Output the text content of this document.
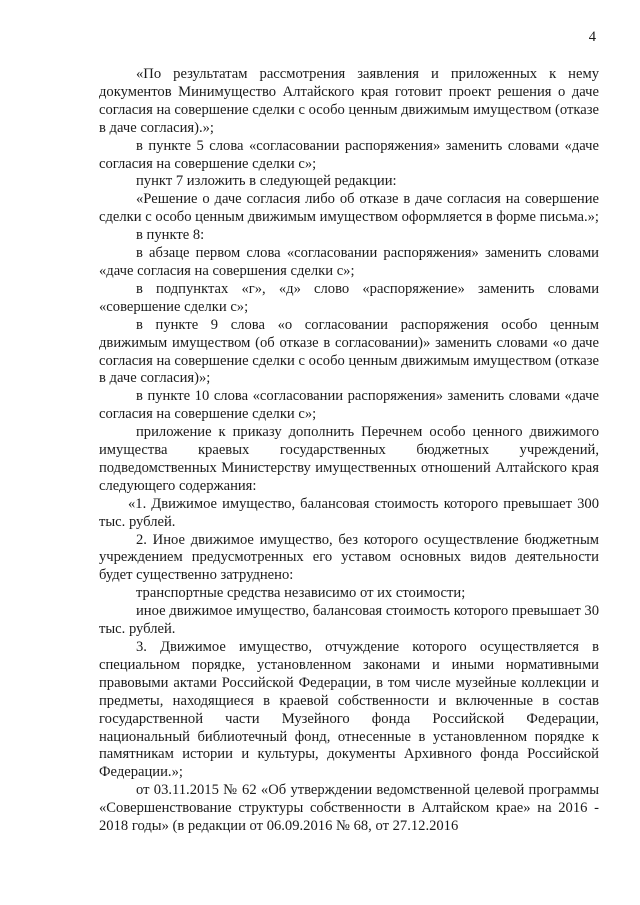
4

«По результатам рассмотрения заявления и приложенных к нему документов Минимущество Алтайского края готовит проект решения о даче согласия на совершение сделки с особо ценным движимым имуществом (отказе в даче согласия).»;

в пункте 5 слова «согласовании распоряжения» заменить словами «даче согласия на совершение сделки с»;

пункт 7 изложить в следующей редакции:

«Решение о даче согласия либо об отказе в даче согласия на совершение сделки с особо ценным движимым имуществом оформляется в форме письма.»;

в пункте 8:

в абзаце первом слова «согласовании распоряжения» заменить словами «даче согласия на совершения сделки с»;

в подпунктах «г», «д» слово «распоряжение» заменить словами «совершение сделки с»;

в пункте 9 слова «о согласовании распоряжения особо ценным движимым имуществом (об отказе в согласовании)» заменить словами «о даче согласия на совершение сделки с особо ценным движимым имуществом (отказе в даче согласия)»;

в пункте 10 слова «согласовании распоряжения» заменить словами «даче согласия на совершение сделки с»;

приложение к приказу дополнить Перечнем особо ценного движимого имущества краевых государственных бюджетных учреждений, подведомственных Министерству имущественных отношений Алтайского края следующего содержания:

«1. Движимое имущество, балансовая стоимость которого превышает 300 тыс. рублей.

2. Иное движимое имущество, без которого осуществление бюджетным учреждением предусмотренных его уставом основных видов деятельности будет существенно затруднено:

транспортные средства независимо от их стоимости;

иное движимое имущество, балансовая стоимость которого превышает 30 тыс. рублей.

3. Движимое имущество, отчуждение которого осуществляется в специальном порядке, установленном законами и иными нормативными правовыми актами Российской Федерации, в том числе музейные коллекции и предметы, находящиеся в краевой собственности и включенные в состав государственной части Музейного фонда Российской Федерации, национальный библиотечный фонд, отнесенные в установленном порядке к памятникам истории и культуры, документы Архивного фонда Российской Федерации.»;

от 03.11.2015 № 62 «Об утверждении ведомственной целевой программы «Совершенствование структуры собственности в Алтайском крае» на 2016 - 2018 годы» (в редакции от 06.09.2016 № 68, от 27.12.2016
